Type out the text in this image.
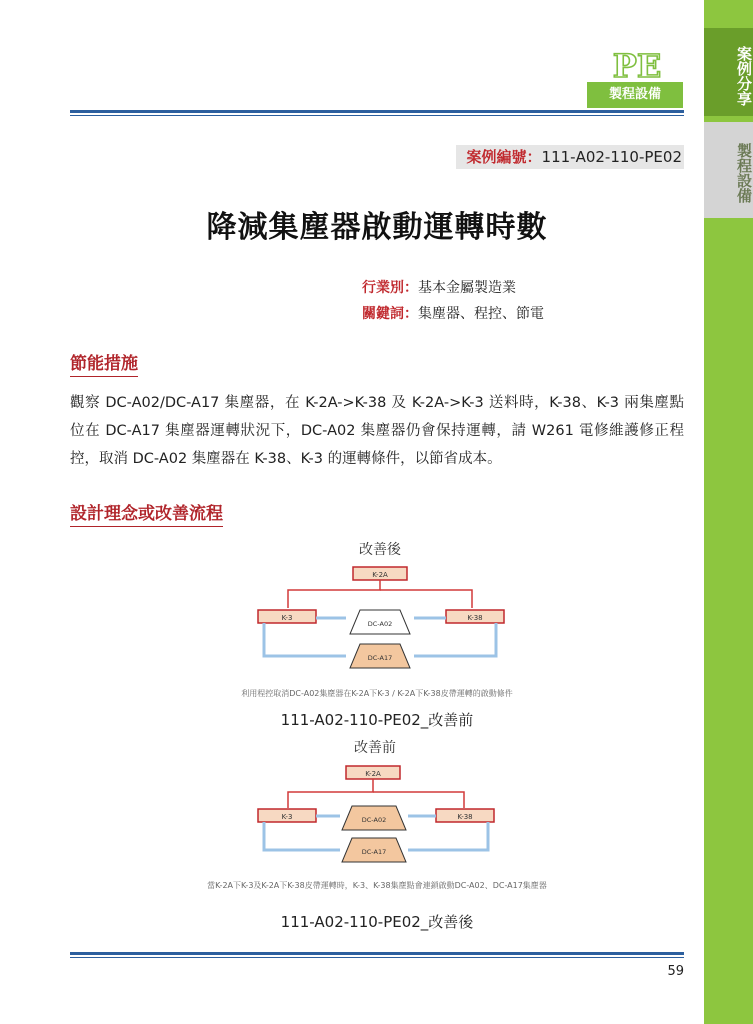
案例分享
製程設備
PE
製程設備
案例編號：111-A02-110-PE02
降減集塵器啟動運轉時數
行業別：基本金屬製造業
關鍵詞：集塵器、程控、節電
節能措施
觀察 DC-A02/DC-A17 集塵器，在 K-2A->K-38 及 K-2A->K-3 送料時，K-38、K-3 兩集塵點位在 DC-A17 集塵器運轉狀況下，DC-A02 集塵器仍會保持運轉，請 W261 電修維護修正程控，取消 DC-A02 集塵器在 K-38、K-3 的運轉條件，以節省成本。
設計理念或改善流程
改善後
K-2A
K-3	K-38
DC-A02
DC-A17
利用程控取消DC-A02集塵器在K-2A下K-3 / K-2A下K-38皮帶運轉的啟動條件
111-A02-110-PE02_改善前
改善前
K-2A
K-3	K-38
DC-A02
DC-A17
當K-2A下K-3及K-2A下K-38皮帶運轉時，K-3、K-38集塵點會連鎖啟動DC-A02、DC-A17集塵器
111-A02-110-PE02_改善後
59
